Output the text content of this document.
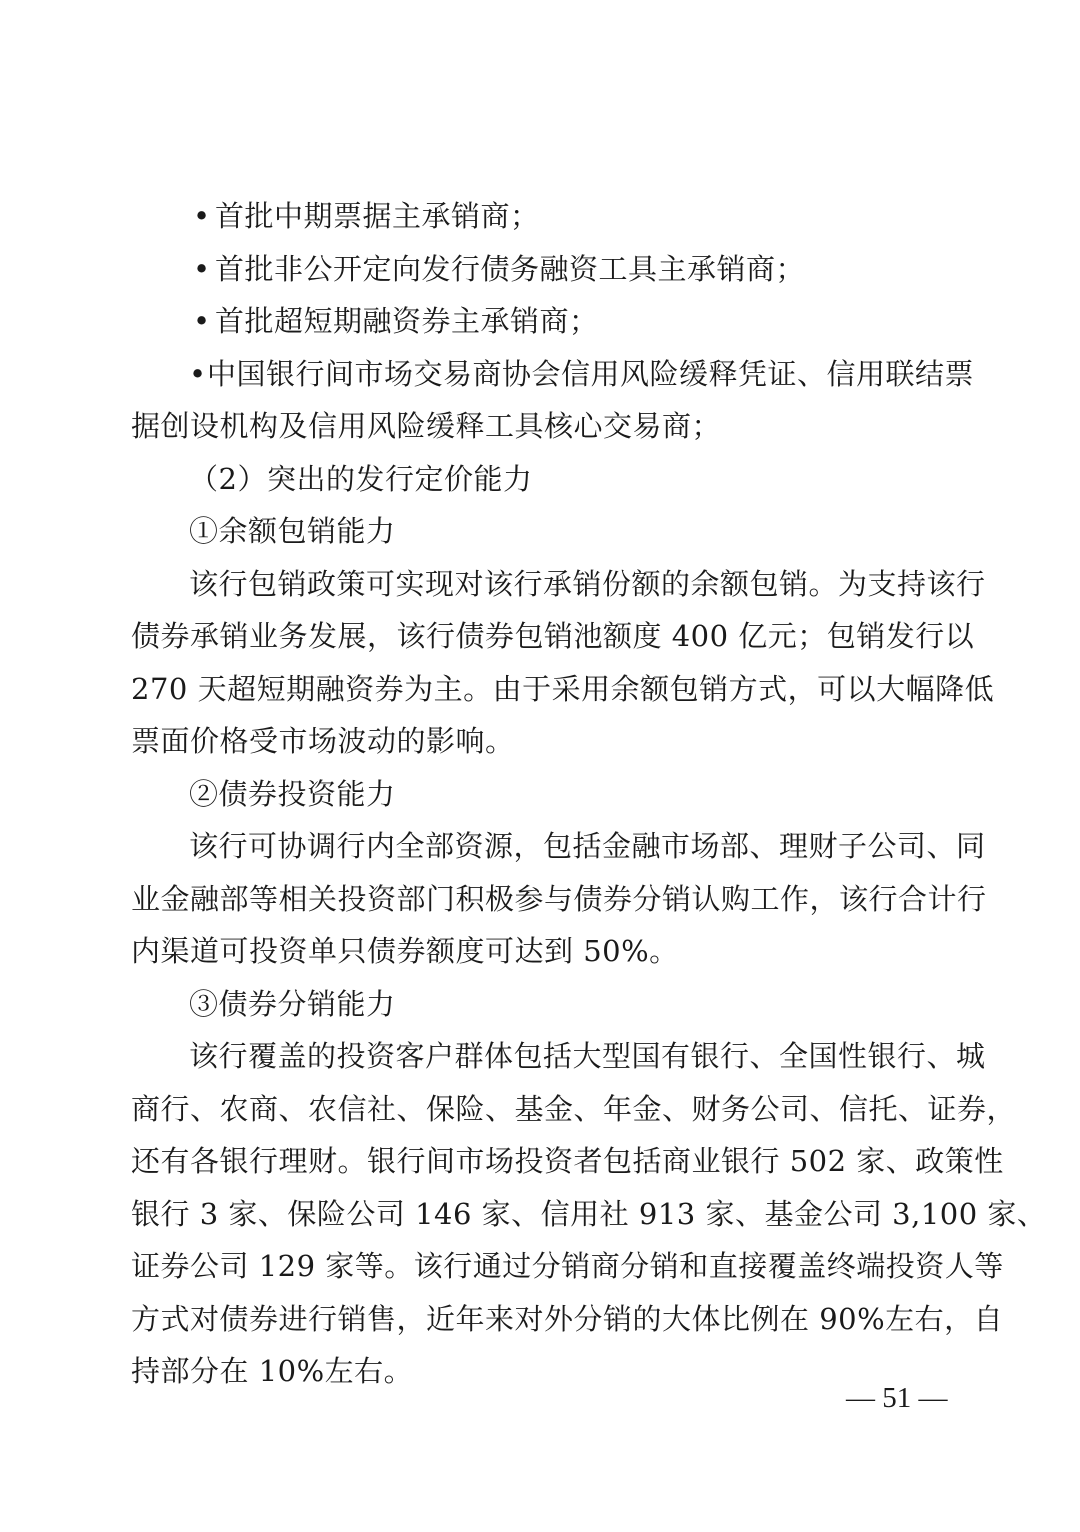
• 首批中期票据主承销商；
• 首批非公开定向发行债务融资工具主承销商；
• 首批超短期融资券主承销商；
•中国银行间市场交易商协会信用风险缓释凭证、信用联结票
据创设机构及信用风险缓释工具核心交易商；
（2）突出的发行定价能力
①余额包销能力
该行包销政策可实现对该行承销份额的余额包销。为支持该行
债券承销业务发展，该行债券包销池额度 400 亿元；包销发行以
270 天超短期融资券为主。由于采用余额包销方式，可以大幅降低
票面价格受市场波动的影响。
②债券投资能力
该行可协调行内全部资源，包括金融市场部、理财子公司、同
业金融部等相关投资部门积极参与债券分销认购工作，该行合计行
内渠道可投资单只债券额度可达到 50%。
③债券分销能力
该行覆盖的投资客户群体包括大型国有银行、全国性银行、城
商行、农商、农信社、保险、基金、年金、财务公司、信托、证券，
还有各银行理财。银行间市场投资者包括商业银行 502 家、政策性
银行 3 家、保险公司 146 家、信用社 913 家、基金公司 3,100 家、
证券公司 129 家等。该行通过分销商分销和直接覆盖终端投资人等
方式对债券进行销售，近年来对外分销的大体比例在 90%左右，自
持部分在 10%左右。
— 51 —
